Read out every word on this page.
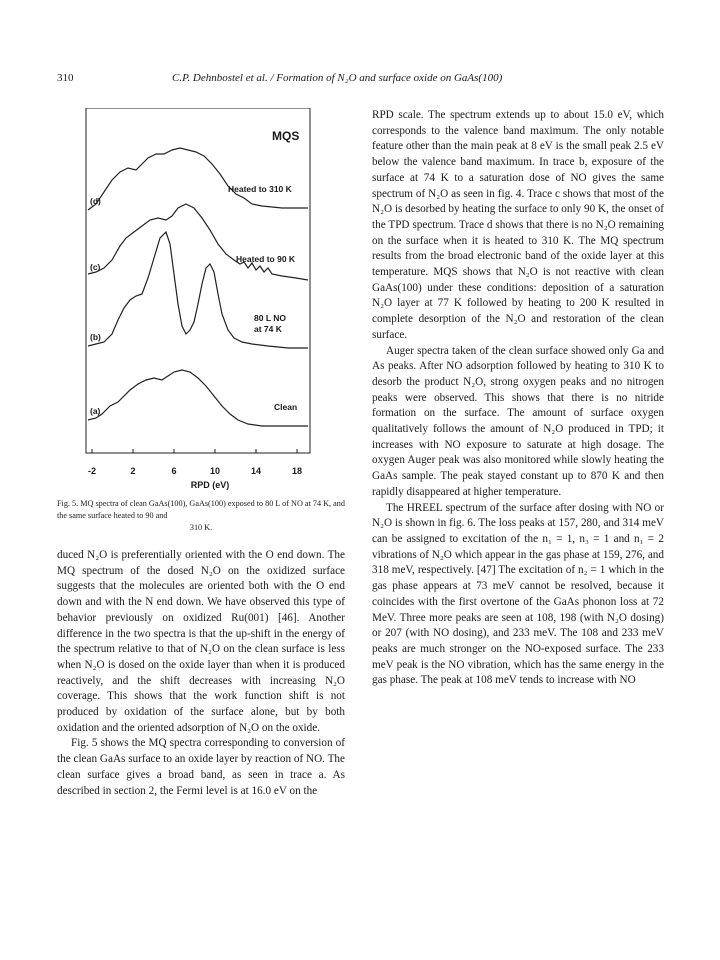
310	C.P. Dehnbostel et al. / Formation of N₂O and surface oxide on GaAs(100)
MQS
(d)
Heated to 310 K
(c)
Heated to 90 K
(b)
80 L NO
at 74 K
(a)	Clean
-2	2	6	10	14	18
RPD (eV)
Fig. 5. MQ spectra of clean GaAs(100), GaAs(100) exposed to 80 L of NO at 74 K, and the same surface heated to 90 and
310 K.

duced N₂O is preferentially oriented with the O end down. The MQ spectrum of the dosed N₂O on the oxidized surface suggests that the molecules are oriented both with the O end down and with the N end down. We have observed this type of behavior previously on oxidized Ru(001) [46]. Another difference in the two spectra is that the up-shift in the energy of the spectrum relative to that of N₂O on the clean surface is less when N₂O is dosed on the oxide layer than when it is produced reactively, and the shift decreases with increasing N₂O coverage. This shows that the work function shift is not produced by oxidation of the surface alone, but by both oxidation and the oriented adsorption of N₂O on the oxide.

Fig. 5 shows the MQ spectra corresponding to conversion of the clean GaAs surface to an oxide layer by reaction of NO. The clean surface gives a broad band, as seen in trace a. As described in section 2, the Fermi level is at 16.0 eV on the

RPD scale. The spectrum extends up to about 15.0 eV, which corresponds to the valence band maximum. The only notable feature other than the main peak at 8 eV is the small peak 2.5 eV below the valence band maximum. In trace b, exposure of the surface at 74 K to a saturation dose of NO gives the same spectrum of N₂O as seen in fig. 4. Trace c shows that most of the N₂O is desorbed by heating the surface to only 90 K, the onset of the TPD spectrum. Trace d shows that there is no N₂O remaining on the surface when it is heated to 310 K. The MQ spectrum results from the broad electronic band of the oxide layer at this temperature. MQS shows that N₂O is not reactive with clean GaAs(100) under these conditions: deposition of a saturation N₂O layer at 77 K followed by heating to 200 K resulted in complete desorption of the N₂O and restoration of the clean surface.

Auger spectra taken of the clean surface showed only Ga and As peaks. After NO adsorption followed by heating to 310 K to desorb the product N₂O, strong oxygen peaks and no nitrogen peaks were observed. This shows that there is no nitride formation on the surface. The amount of surface oxygen qualitatively follows the amount of N₂O produced in TPD; it increases with NO exposure to saturate at high dosage. The oxygen Auger peak was also monitored while slowly heating the GaAs sample. The peak stayed constant up to 870 K and then rapidly disappeared at higher temperature.

The HREEL spectrum of the surface after dosing with NO or N₂O is shown in fig. 6. The loss peaks at 157, 280, and 314 meV can be assigned to excitation of the n₁ = 1, n₃ = 1 and n₁ = 2 vibrations of N₂O which appear in the gas phase at 159, 276, and 318 meV, respectively. [47] The excitation of n₂ = 1 which in the gas phase appears at 73 meV cannot be resolved, because it coincides with the first overtone of the GaAs phonon loss at 72 MeV. Three more peaks are seen at 108, 198 (with N₂O dosing) or 207 (with NO dosing), and 233 meV. The 108 and 233 meV peaks are much stronger on the NO-exposed surface. The 233 meV peak is the NO vibration, which has the same energy in the gas phase. The peak at 108 meV tends to increase with NO
